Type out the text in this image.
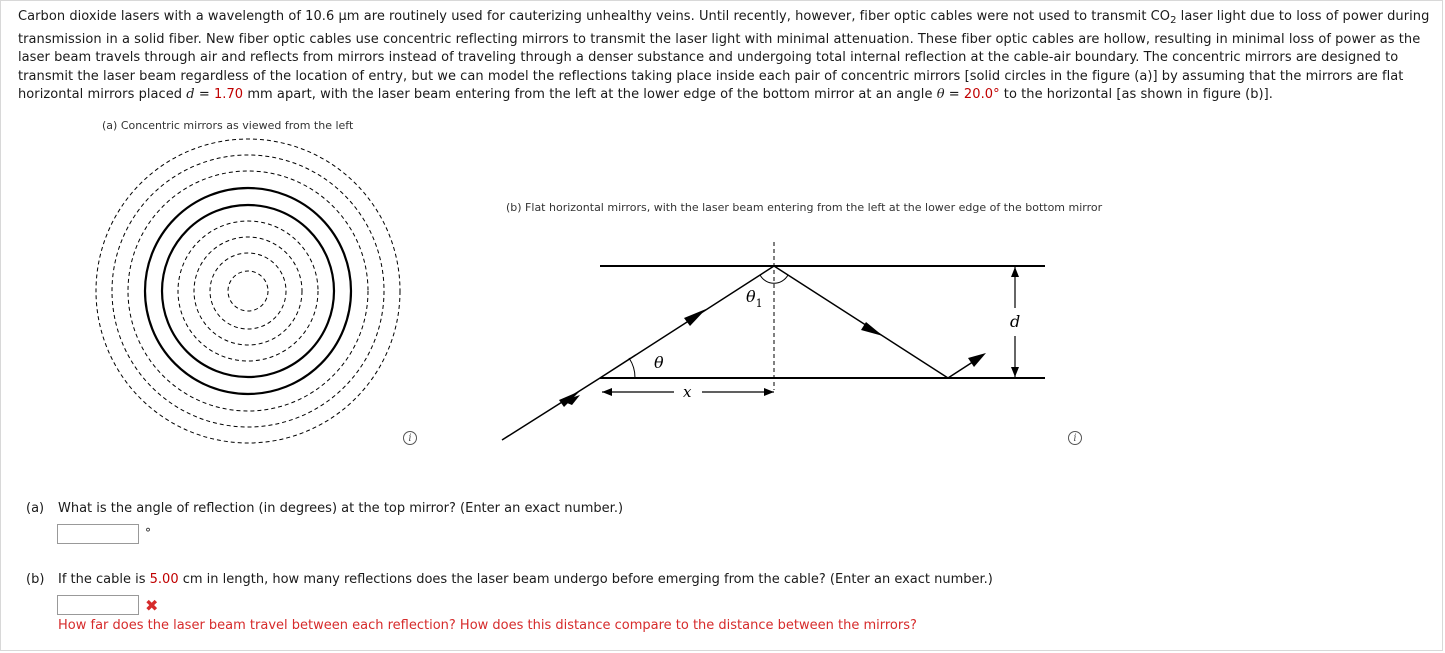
Carbon dioxide lasers with a wavelength of 10.6 μm are routinely used for cauterizing unhealthy veins. Until recently, however, fiber optic cables were not used to transmit $CO_2$ laser light due to loss of power during transmission in a solid fiber. New fiber optic cables use concentric reflecting mirrors to transmit the laser light with minimal attenuation. These fiber optic cables are hollow, resulting in minimal loss of power as the laser beam travels through air and reflects from mirrors instead of traveling through a denser substance and undergoing total internal reflection at the cable-air boundary. The concentric mirrors are designed to transmit the laser beam regardless of the location of entry, but we can model the reflections taking place inside each pair of concentric mirrors [solid circles in the figure (a)] by assuming that the mirrors are flat horizontal mirrors placed d = 1.70 mm apart, with the laser beam entering from the left at the lower edge of the bottom mirror at an angle θ = 20.0° to the horizontal [as shown in figure (b)].
(a) Concentric mirrors as viewed from the left
i
(b) Flat horizontal mirrors, with the laser beam entering from the left at the lower edge of the bottom mirror
θ
$\theta_1$
x
d
i
(a) What is the angle of reflection (in degrees) at the top mirror? (Enter an exact number.)
°
(b) If the cable is 5.00 cm in length, how many reflections does the laser beam undergo before emerging from the cable? (Enter an exact number.)
✖
How far does the laser beam travel between each reflection? How does this distance compare to the distance between the mirrors?
